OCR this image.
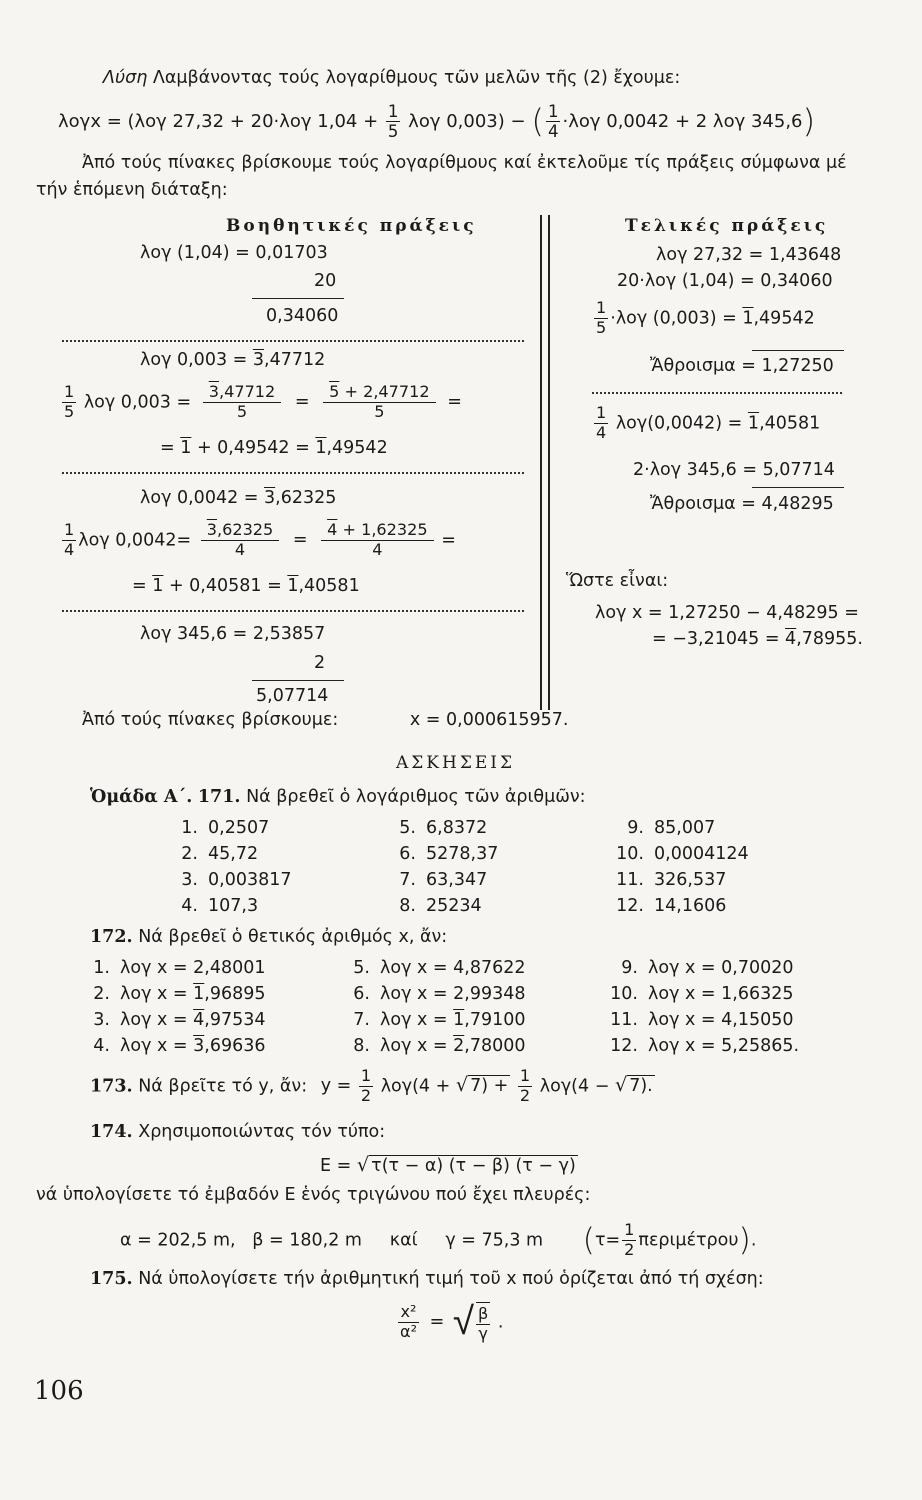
Λύση Λαμβάνοντας τούς λογαρίθμους τῶν μελῶν τῆς (2) ἔχουμε:
λογx = (λογ 27,32 + 20·λογ $1,04 + \frac{1}{5}$ λογ 0,003) − ( $\frac{1}{4} \cdot\lambda o\gamma$ 0,0042 + 2 λογ 345,6)
Ἀπό τούς πίνακες βρίσκουμε τούς λογαρίθμους καί ἐκτελοῦμε τίς πράξεις σύμφωνα μέ
τήν ἑπόμενη διάταξη:
Βοηθητικές πράξεις	Τελικές πράξεις
λογ (1,04) = 0,01703
20
0,34060
λογ 0,003 = 3,47712
$\frac{1}{5}$ λογ $0,003 = \frac{3,47712}{5} = \frac{5 + 2,47712}{5}$ =
= 1 + 0,49542 = 1,49542
λογ 0,0042 = 3,62325
$\frac{1}{4}$ λογ $0,0042= \frac{3,62325}{4} = \frac{4 + 1,62325}{4}$ =
= 1 + 0,40581 = 1,40581
λογ 345,6 = 2,53857
2
5,07714
λογ 27,32 = 1,43648
20·λογ (1,04) = 0,34060
$\frac{1}{5} \cdot\lambda o\gamma$ (0,003) = 1,49542
Ἄθροισμα = 1,27250
$\frac{1}{4} \lambda o\gamma(0,0042) = 1,40581$
2·λογ 345,6 = 5,07714
Ἄθροισμα = 4,48295
Ὥστε εἶναι:
λογ x = 1,27250 − 4,48295 =
= −3,21045 = 4,78955.
Ἀπό τούς πίνακες βρίσκουμε:	x = 0,000615957.
ΑΣΚΗΣΕΙΣ
Ὁμάδα Α΄. 171. Νά βρεθεῖ ὁ λογάριθμος τῶν ἀριθμῶν:
1. 0,2507
2. 45,72
3. 0,003817
4. 107,3
5. 6,8372
6. 5278,37
7. 63,347
8. 25234
9. 85,007
10. 0,0004124
11. 326,537
12. 14,1606
172. Νά βρεθεῖ ὁ θετικός ἀριθμός x, ἄν:
1. λογ x = 2,48001
2. λογ x = 1,96895
3. λογ x = 4,97534
4. λογ x = 3,69636
5. λογ x = 4,87622
6. λογ x = 2,99348
7. λογ x = 1,79100
8. λογ x = 2,78000
9. λογ x = 0,70020
10. λογ x = 1,66325
11. λογ x = 4,15050
12. λογ x = 5,25865.
173. Νά βρεῖτε τό y, ἄν: $y = \frac{1}{2} \lambda o\gamma(4$ + √ $7) + \frac{1}{2} \lambda o\gamma(4$ − √ 7).
174. Χρησιμοποιώντας τόν τύπο:
E = √ τ(τ − α) (τ − β) (τ − γ)
νά ὑπολογίσετε τό ἐμβαδόν Ε ἑνός τριγώνου πού ἔχει πλευρές:
α = 202,5 m,   β = 180,2 m     καί     γ = 75,3 m $(\tau= \frac{1}{2} \pi\varepsilon\rho\iota\mu έ\tau\rho o\upsilon)$.
175. Νά ὑπολογίσετε τήν ἀριθμητική τιμή τοῦ x πού ὁρίζεται ἀπό τή σχέση:
$\frac{\text{x²}}{\text{α²}}$ = √ $\frac{\beta}{\gamma}$ .
106
